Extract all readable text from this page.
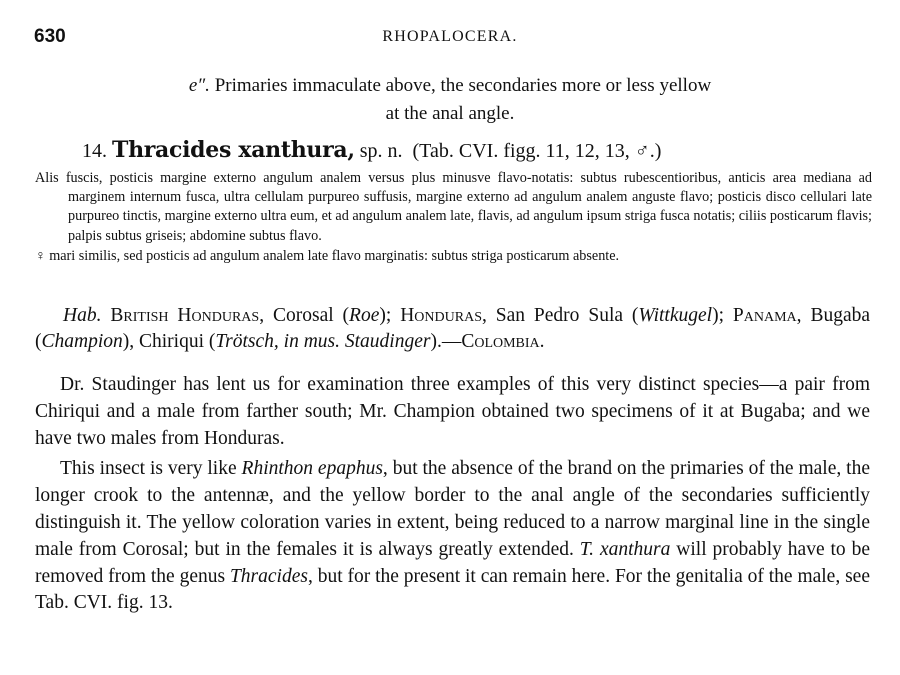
630	RHOPALOCERA.
e″. Primaries immaculate above, the secondaries more or less yellow
at the anal angle.
14. Thracides xanthura, sp. n. (Tab. CVI. figg. 11, 12, 13, ♂.)

Alis fuscis, posticis margine externo angulum analem versus plus minusve flavo-notatis: subtus rubescentioribus, anticis area mediana ad marginem internum fusca, ultra cellulam purpureo suffusis, margine externo ad angulum analem anguste flavo; posticis disco cellulari late purpureo tinctis, margine externo ultra eum, et ad angulum analem late, flavis, ad angulum ipsum striga fusca notatis; ciliis posticarum flavis; palpis subtus griseis; abdomine subtus flavo.

♀ mari similis, sed posticis ad angulum analem late flavo marginatis: subtus striga posticarum absente.

Hab. British Honduras, Corosal (Roe); Honduras, San Pedro Sula (Wittkugel); Panama, Bugaba (Champion), Chiriqui (Trötsch, in mus. Staudinger).—Colombia.

Dr. Staudinger has lent us for examination three examples of this very distinct species—a pair from Chiriqui and a male from farther south; Mr. Champion obtained two specimens of it at Bugaba; and we have two males from Honduras.

This insect is very like Rhinthon epaphus, but the absence of the brand on the primaries of the male, the longer crook to the antennæ, and the yellow border to the anal angle of the secondaries sufficiently distinguish it. The yellow coloration varies in extent, being reduced to a narrow marginal line in the single male from Corosal; but in the females it is always greatly extended. T. xanthura will probably have to be removed from the genus Thracides, but for the present it can remain here. For the genitalia of the male, see Tab. CVI. fig. 13.
